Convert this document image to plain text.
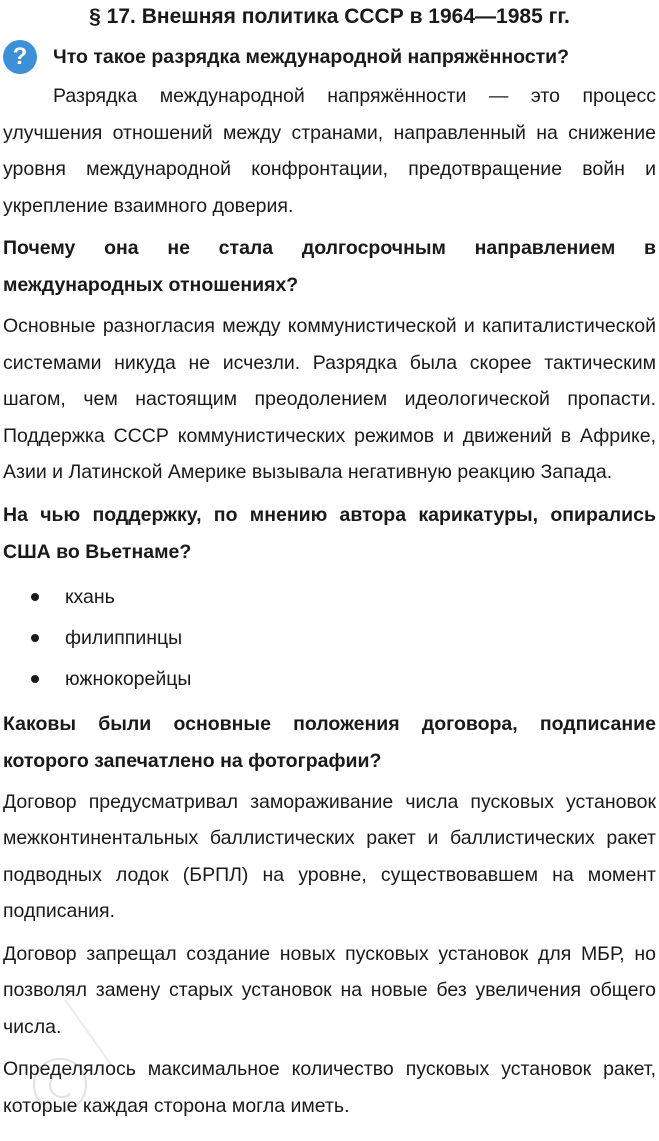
§ 17. Внешняя политика СССР в 1964—1985 гг.
?	Что такое разрядка международной напряжённости?

Разрядка международной напряжённости — это процесс улучшения отношений между странами, направленный на снижение уровня международной конфронтации, предотвращение войн и укрепление взаимного доверия.

Почему она не стала долгосрочным направлением в международных отношениях?

Основные разногласия между коммунистической и капиталистической системами никуда не исчезли. Разрядка была скорее тактическим шагом, чем настоящим преодолением идеологической пропасти. Поддержка СССР коммунистических режимов и движений в Африке, Азии и Латинской Америке вызывала негативную реакцию Запада.

На чью поддержку, по мнению автора карикатуры, опирались США во Вьетнаме?
кхань
филиппинцы
южнокорейцы
Каковы были основные положения договора, подписание которого запечатлено на фотографии?

Договор предусматривал замораживание числа пусковых установок межконтинентальных баллистических ракет и баллистических ракет подводных лодок (БРПЛ) на уровне, существовавшем на момент подписания.

Договор запрещал создание новых пусковых установок для МБР, но позволял замену старых установок на новые без увеличения общего числа.

Определялось максимальное количество пусковых установок ракет, которые каждая сторона могла иметь.
